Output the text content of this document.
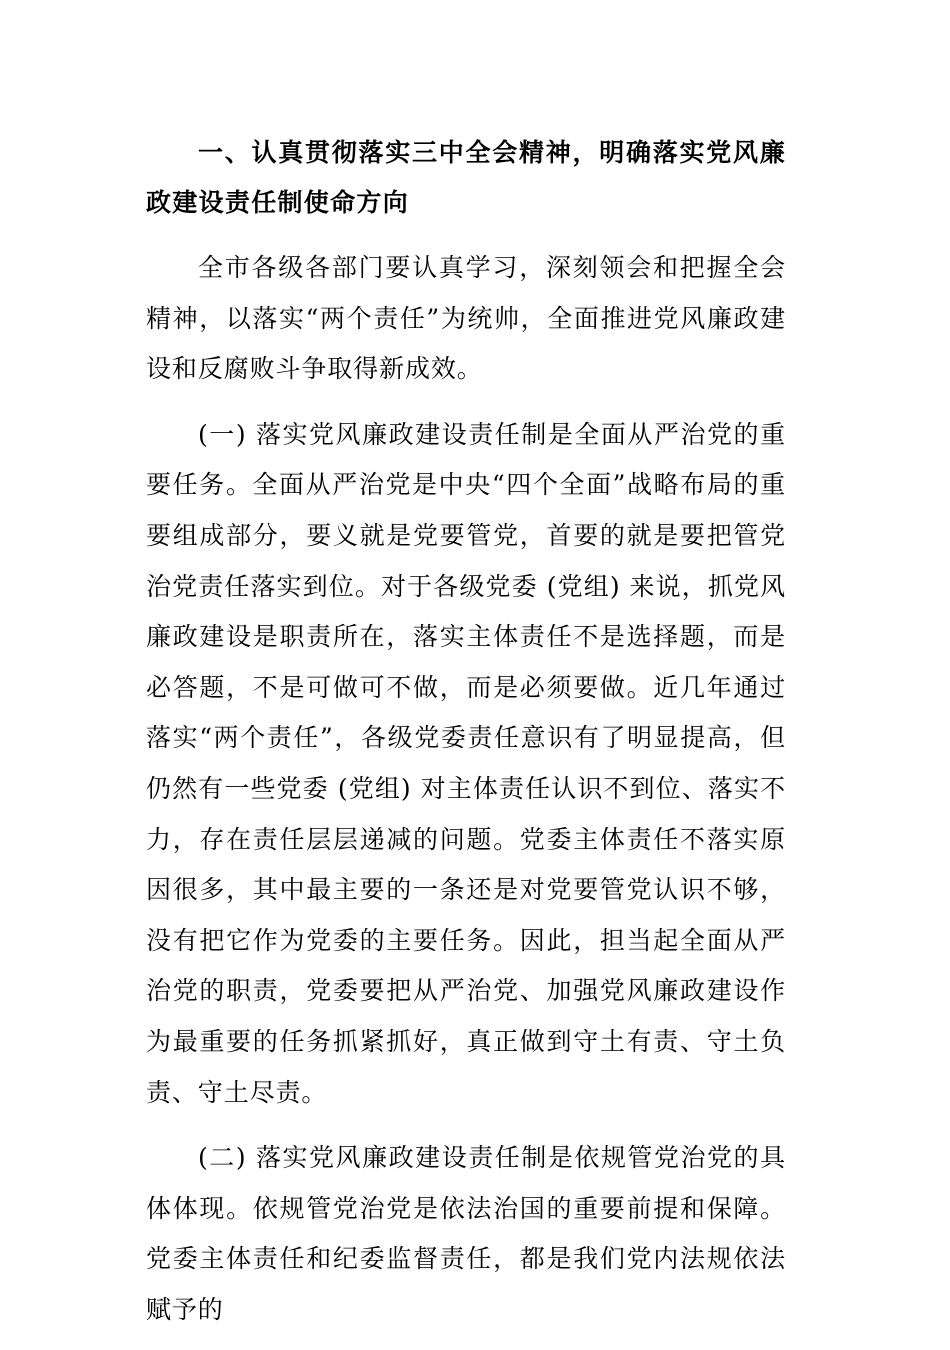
一、认真贯彻落实三中全会精神，明确落实党风廉政建设责任制使命方向

全市各级各部门要认真学习，深刻领会和把握全会精神，以落实“两个责任”为统帅，全面推进党风廉政建设和反腐败斗争取得新成效。

(一) 落实党风廉政建设责任制是全面从严治党的重要任务。全面从严治党是中央“四个全面”战略布局的重要组成部分，要义就是党要管党，首要的就是要把管党治党责任落实到位。对于各级党委 (党组) 来说，抓党风廉政建设是职责所在，落实主体责任不是选择题，而是必答题，不是可做可不做，而是必须要做。近几年通过落实“两个责任”，各级党委责任意识有了明显提高，但仍然有一些党委 (党组) 对主体责任认识不到位、落实不力，存在责任层层递减的问题。党委主体责任不落实原因很多，其中最主要的一条还是对党要管党认识不够，没有把它作为党委的主要任务。因此，担当起全面从严治党的职责，党委要把从严治党、加强党风廉政建设作为最重要的任务抓紧抓好，真正做到守土有责、守土负责、守土尽责。

(二) 落实党风廉政建设责任制是依规管党治党的具体体现。依规管党治党是依法治国的重要前提和保障。党委主体责任和纪委监督责任，都是我们党内法规依法赋予的
